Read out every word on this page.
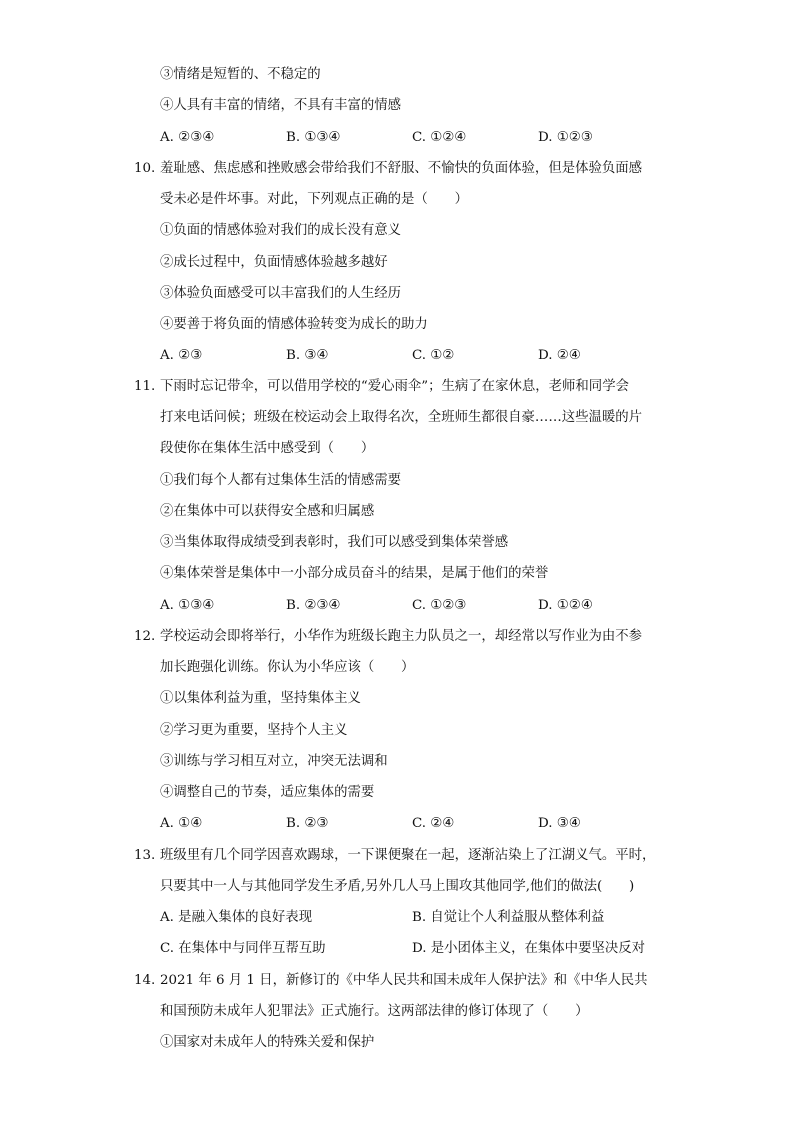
③情绪是短暂的、不稳定的
④人具有丰富的情绪，不具有丰富的情感
A. ②③④	B. ①③④	C. ①②④	D. ①②③
10. 羞耻感、焦虑感和挫败感会带给我们不舒服、不愉快的负面体验，但是体验负面感
受未必是件坏事。对此，下列观点正确的是（　　）
①负面的情感体验对我们的成长没有意义
②成长过程中，负面情感体验越多越好
③体验负面感受可以丰富我们的人生经历
④要善于将负面的情感体验转变为成长的助力
A. ②③	B. ③④	C. ①②	D. ②④
11. 下雨时忘记带伞，可以借用学校的“爱心雨伞”；生病了在家休息，老师和同学会
打来电话问候；班级在校运动会上取得名次，全班师生都很自豪……这些温暖的片
段使你在集体生活中感受到（　　）
①我们每个人都有过集体生活的情感需要
②在集体中可以获得安全感和归属感
③当集体取得成绩受到表彰时，我们可以感受到集体荣誉感
④集体荣誉是集体中一小部分成员奋斗的结果，是属于他们的荣誉
A. ①③④	B. ②③④	C. ①②③	D. ①②④
12. 学校运动会即将举行，小华作为班级长跑主力队员之一，却经常以写作业为由不参
加长跑强化训练。你认为小华应该（　　）
①以集体利益为重，坚持集体主义
②学习更为重要，坚持个人主义
③训练与学习相互对立，冲突无法调和
④调整自己的节奏，适应集体的需要
A. ①④	B. ②③	C. ②④	D. ③④
13. 班级里有几个同学因喜欢踢球，一下课便聚在一起，逐渐沾染上了江湖义气。平时，
只要其中一人与其他同学发生矛盾,另外几人马上围攻其他同学,他们的做法(　　)
A. 是融入集体的良好表现	B. 自觉让个人利益服从整体利益
C. 在集体中与同伴互帮互助	D. 是小团体主义，在集体中要坚决反对
14. 2021 年 6 月 1 日，新修订的《中华人民共和国未成年人保护法》和《中华人民共
和国预防未成年人犯罪法》正式施行。这两部法律的修订体现了（　　）
①国家对未成年人的特殊关爱和保护
